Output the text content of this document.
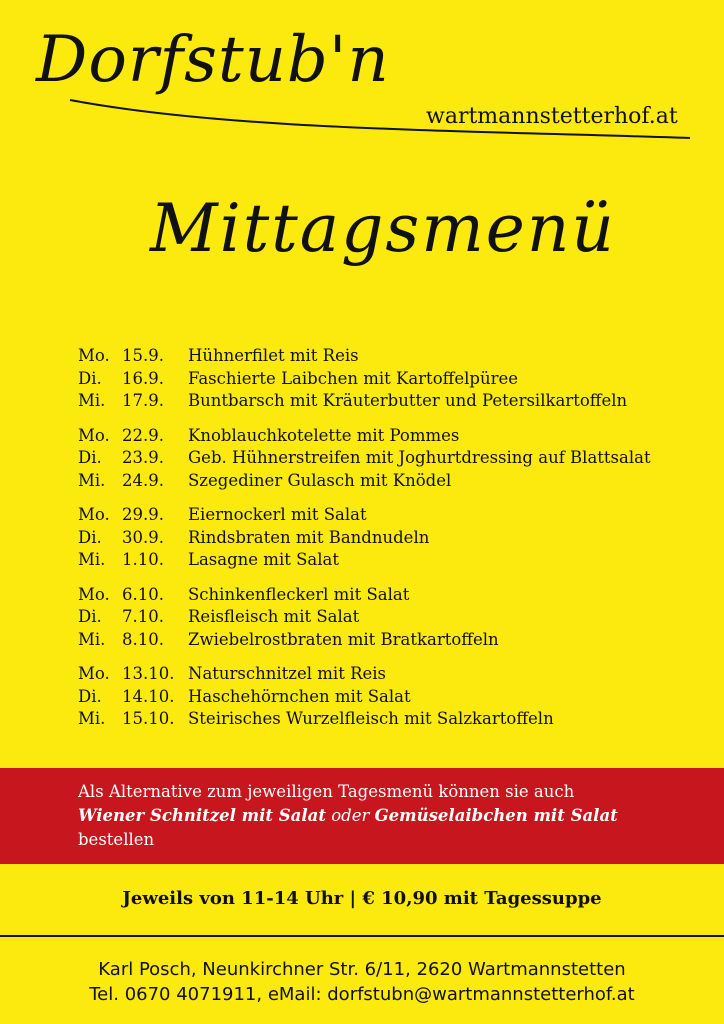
Dorfstub'n
wartmannstetterhof.at
Mittagsmenü
Mo. 15.9.	Hühnerfilet mit Reis
Di.	16.9.	Faschierte Laibchen mit Kartoffelpüree
Mi.	17.9.	Buntbarsch mit Kräuterbutter und Petersilkartoffeln
Mo. 22.9.	Knoblauchkotelette mit Pommes
Di.	23.9.	Geb. Hühnerstreifen mit Joghurtdressing auf Blattsalat
Mi.	24.9.	Szegediner Gulasch mit Knödel
Mo. 29.9.	Eiernockerl mit Salat
Di.	30.9.	Rindsbraten mit Bandnudeln
Mi.	1.10.	Lasagne mit Salat
Mo. 6.10.	Schinkenfleckerl mit Salat
Di.	7.10.	Reisfleisch mit Salat
Mi.	8.10.	Zwiebelrostbraten mit Bratkartoffeln
Mo. 13.10. Naturschnitzel mit Reis
Di.	14.10. Haschehörnchen mit Salat
Mi.	15.10. Steirisches Wurzelfleisch mit Salzkartoffeln
Als Alternative zum jeweiligen Tagesmenü können sie auch
Wiener Schnitzel mit Salat oder Gemüselaibchen mit Salat
bestellen
Jeweils von 11-14 Uhr | € 10,90 mit Tagessuppe
Karl Posch, Neunkirchner Str. 6/11, 2620 Wartmannstetten
Tel. 0670 4071911, eMail: dorfstubn@wartmannstetterhof.at
